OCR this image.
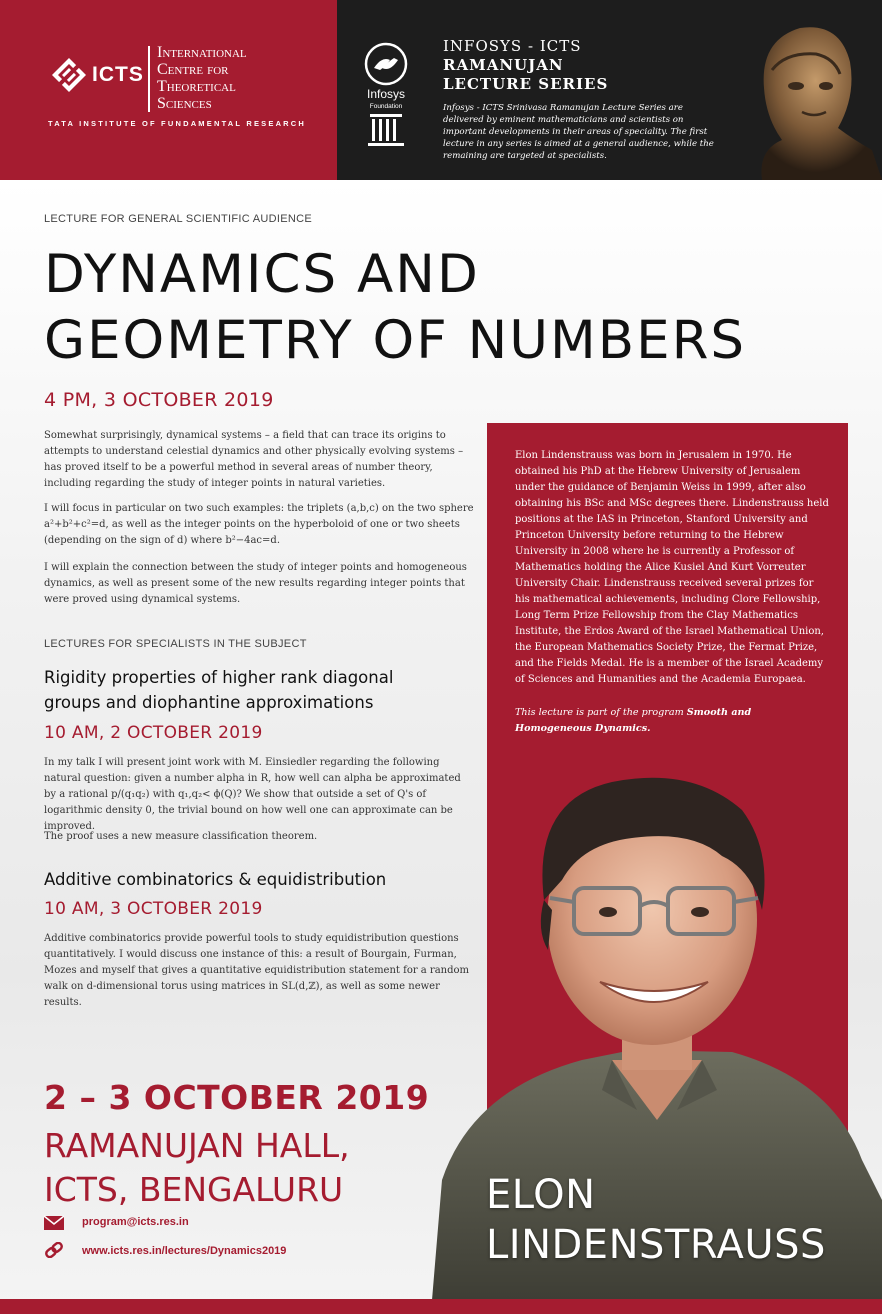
ICTS
International
Centre for
Theoretical
Sciences
TATA INSTITUTE OF FUNDAMENTAL RESEARCH
Infosys
Foundation
INFOSYS - ICTS
RAMANUJAN
LECTURE SERIES
Infosys - ICTS Srinivasa Ramanujan Lecture Series are delivered by eminent mathematicians and scientists on important developments in their areas of speciality. The first lecture in any series is aimed at a general audience, while the remaining are targeted at specialists.
LECTURE FOR GENERAL SCIENTIFIC AUDIENCE
DYNAMICS AND
GEOMETRY OF NUMBERS
4 PM, 3 OCTOBER 2019

Somewhat surprisingly, dynamical systems – a field that can trace its origins to attempts to understand celestial dynamics and other physically evolving systems – has proved itself to be a powerful method in several areas of number theory, including regarding the study of integer points in natural varieties.

I will focus in particular on two such examples: the triplets (a,b,c) on the two sphere a²+b²+c²=d, as well as the integer points on the hyperboloid of one or two sheets (depending on the sign of d) where b²−4ac=d.

I will explain the connection between the study of integer points and homogeneous dynamics, as well as present some of the new results regarding integer points that were proved using dynamical systems.

LECTURES FOR SPECIALISTS IN THE SUBJECT
Rigidity properties of higher rank diagonal groups and diophantine approximations
10 AM, 2 OCTOBER 2019

In my talk I will present joint work with M. Einsiedler regarding the following natural question: given a number alpha in R, how well can alpha be approximated by a rational p/(q₁q₂) with q₁,q₂< ϕ(Q)? We show that outside a set of Q's of logarithmic density 0, the trivial bound on how well one can approximate can be improved.

The proof uses a new measure classification theorem.

Additive combinatorics & equidistribution
10 AM, 3 OCTOBER 2019

Additive combinatorics provide powerful tools to study equidistribution questions quantitatively. I would discuss one instance of this: a result of Bourgain, Furman, Mozes and myself that gives a quantitative equidistribution statement for a random walk on d-dimensional torus using matrices in SL(d,ℤ), as well as some newer results.

2 – 3 OCTOBER 2019
RAMANUJAN HALL,
ICTS, BENGALURU
program@icts.res.in
www.icts.res.in/lectures/Dynamics2019

Elon Lindenstrauss was born in Jerusalem in 1970. He obtained his PhD at the Hebrew University of Jerusalem under the guidance of Benjamin Weiss in 1999, after also obtaining his BSc and MSc degrees there. Lindenstrauss held positions at the IAS in Princeton, Stanford University and Princeton University before returning to the Hebrew University in 2008 where he is currently a Professor of Mathematics holding the Alice Kusiel And Kurt Vorreuter University Chair. Lindenstrauss received several prizes for his mathematical achievements, including Clore Fellowship, Long Term Prize Fellowship from the Clay Mathematics Institute, the Erdos Award of the Israel Mathematical Union, the European Mathematics Society Prize, the Fermat Prize, and the Fields Medal. He is a member of the Israel Academy of Sciences and Humanities and the Academia Europaea.

This lecture is part of the program Smooth and Homogeneous Dynamics.

ELON
LINDENSTRAUSS
